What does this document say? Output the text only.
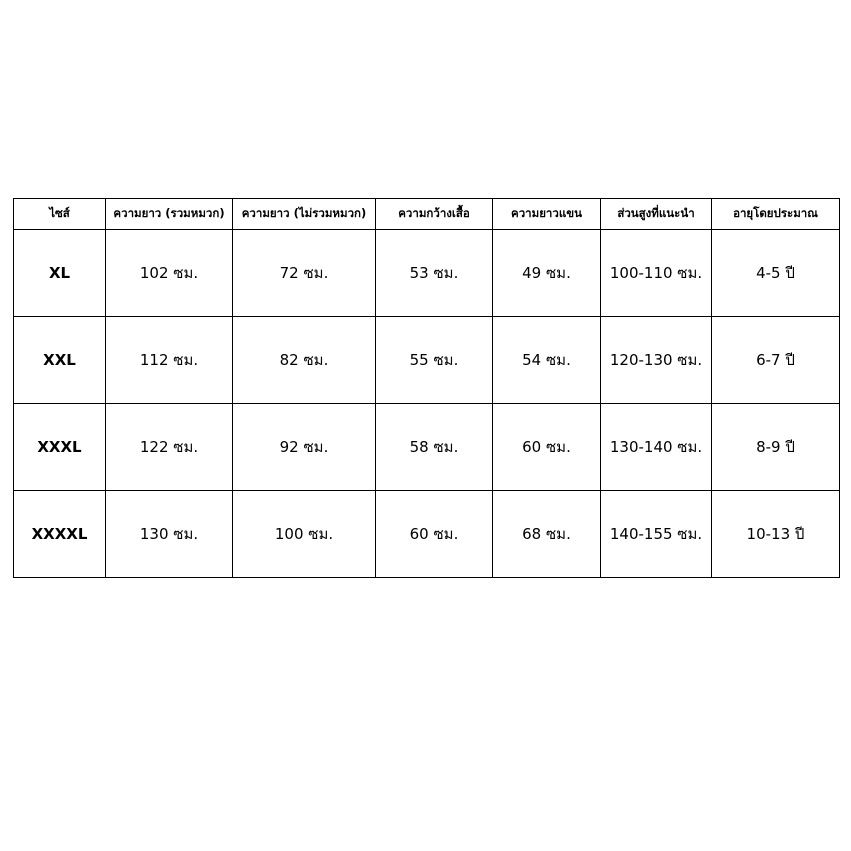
ไซส์	ความยาว (รวมหมวก)	ความยาว (ไม่รวมหมวก)	ความกว้างเสื้อ	ความยาวแขน	ส่วนสูงที่แนะนำ	อายุโดยประมาณ
XL	102 ซม.	72 ซม.	53 ซม.	49 ซม.	100-110 ซม.	4-5 ปี
XXL	112 ซม.	82 ซม.	55 ซม.	54 ซม.	120-130 ซม.	6-7 ปี
XXXL	122 ซม.	92 ซม.	58 ซม.	60 ซม.	130-140 ซม.	8-9 ปี
XXXXL	130 ซม.	100 ซม.	60 ซม.	68 ซม.	140-155 ซม.	10-13 ปี
